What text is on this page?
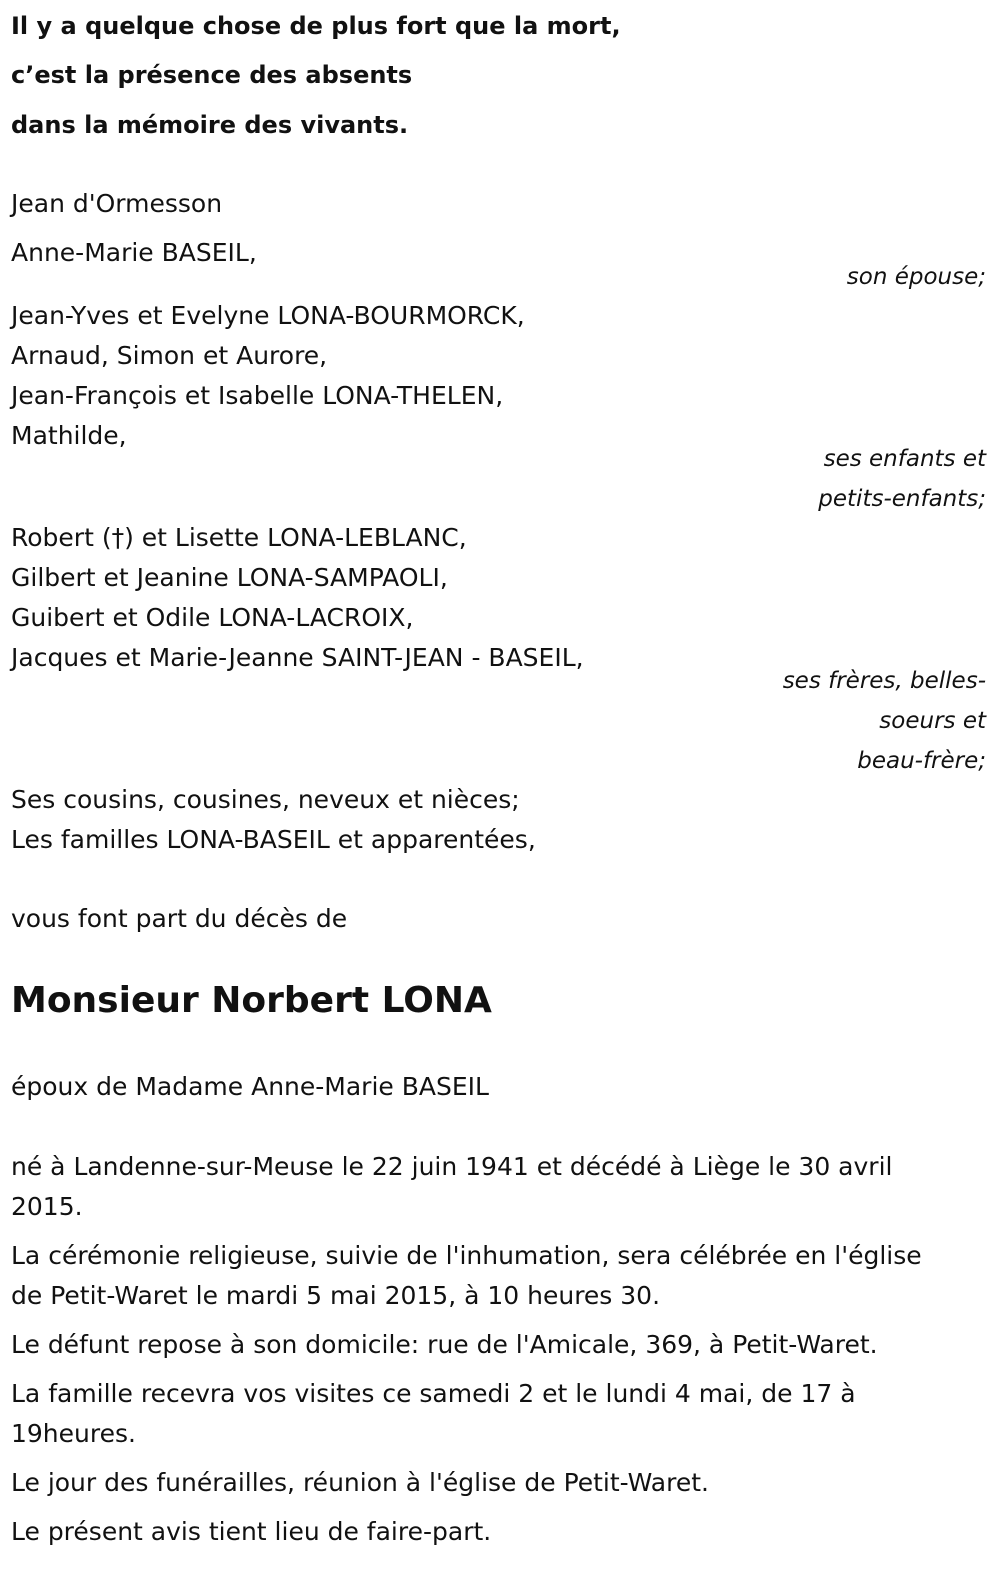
Il y a quelque chose de plus fort que la mort,
c’est la présence des absents
dans la mémoire des vivants.
Jean d'Ormesson
Anne-Marie BASEIL,
son épouse;
Jean-Yves et Evelyne LONA-BOURMORCK,
Arnaud, Simon et Aurore,
Jean-François et Isabelle LONA-THELEN,
Mathilde,
ses enfants et
petits-enfants;
Robert (†) et Lisette LONA-LEBLANC,
Gilbert et Jeanine LONA-SAMPAOLI,
Guibert et Odile LONA-LACROIX,
Jacques et Marie-Jeanne SAINT-JEAN - BASEIL,
ses frères, belles-
soeurs et
beau-frère;
Ses cousins, cousines, neveux et nièces;
Les familles LONA-BASEIL et apparentées,
vous font part du décès de
Monsieur Norbert LONA
époux de Madame Anne-Marie BASEIL
né à Landenne-sur-Meuse le 22 juin 1941 et décédé à Liège le 30 avril
2015.
La cérémonie religieuse, suivie de l'inhumation, sera célébrée en l'église
de Petit-Waret le mardi 5 mai 2015, à 10 heures 30.
Le défunt repose à son domicile: rue de l'Amicale, 369, à Petit-Waret.
La famille recevra vos visites ce samedi 2 et le lundi 4 mai, de 17 à
19heures.
Le jour des funérailles, réunion à l'église de Petit-Waret.
Le présent avis tient lieu de faire-part.
